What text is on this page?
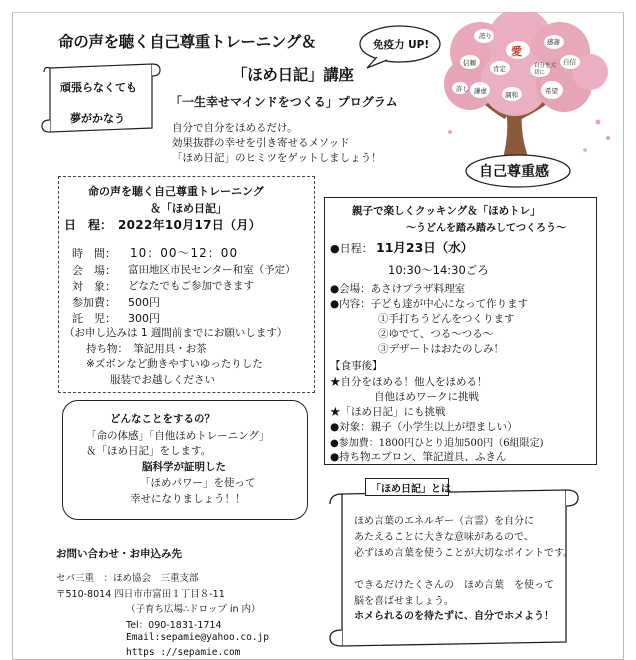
命の声を聴く自己尊重トレーニング＆
「ほめ日記」講座
免疫力 UP!
頑張らなくても
夢がかなう
「一生幸せマインドをつくる」プログラム
自分で自分をほめるだけ。
効果抜群の幸せを引き寄せるメソッド
「ほめ日記」のヒミツをゲットしましょう！
誇り
愛
感謝
信頼	自信
肯定	自分を大切に
許し
調和	希望
謙虚
自己尊重感
命の声を聴く自己尊重トレーニング
＆「ほめ日記」
日　程： 2022年10月17日（月）
時　間： 10：00～12：00
会　場： 富田地区市民センター和室（予定）
対　象： どなたでもご参加できます
参加費： 500円
託　児： 300円
（お申し込みは 1 週間前までにお願いします）
持ち物：　筆記用具・お茶
※ズボンなど動きやすいゆったりした
服装でお越しください
親子で楽しくクッキング＆「ほめトレ」
～うどんを踏み踏みしてつくろう～
●日程： 11月23日（水）
10:30～14:30ごろ
●会場：あさけプラザ料理室
●内容：子ども達が中心になって作ります
①手打ちうどんをつくります
②ゆでて、つる～つる～
③デザートはおたのしみ！
【食事後】
★自分をほめる！他人をほめる！
自他ほめワークに挑戦
★「ほめ日記」にも挑戦
●対象：親子（小学生以上が望ましい）
●参加費：1800円ひとり追加500円（6組限定)
●持ち物エプロン、筆記道具、ふきん
どんなことをするの？
「命の体感」「自他ほめトレーニング」
＆「ほめ日記」をします。
脳科学が証明した
「ほめパワー」を使って
幸せになりましょう！！
お問い合わせ・お申込み先
セパ三重　：ほめ協会　三重支部
〒510-8014 四日市市富田１丁目８-11
（子育ち広場∴ドロップ in 内）
Tel：090-1831-1714
Email:sepamie@yahoo.co.jp
https ://sepamie.com
「ほめ日記」とは
ほめ言葉のエネルギー（言霊）を自分に
あたえることに大きな意味があるので、
必ずほめ言葉を使うことが大切なポイントです。
できるだけたくさんの　ほめ言葉　を使って
脳を喜ばせましょう。
ホメられるのを待たずに、自分でホメよう！
